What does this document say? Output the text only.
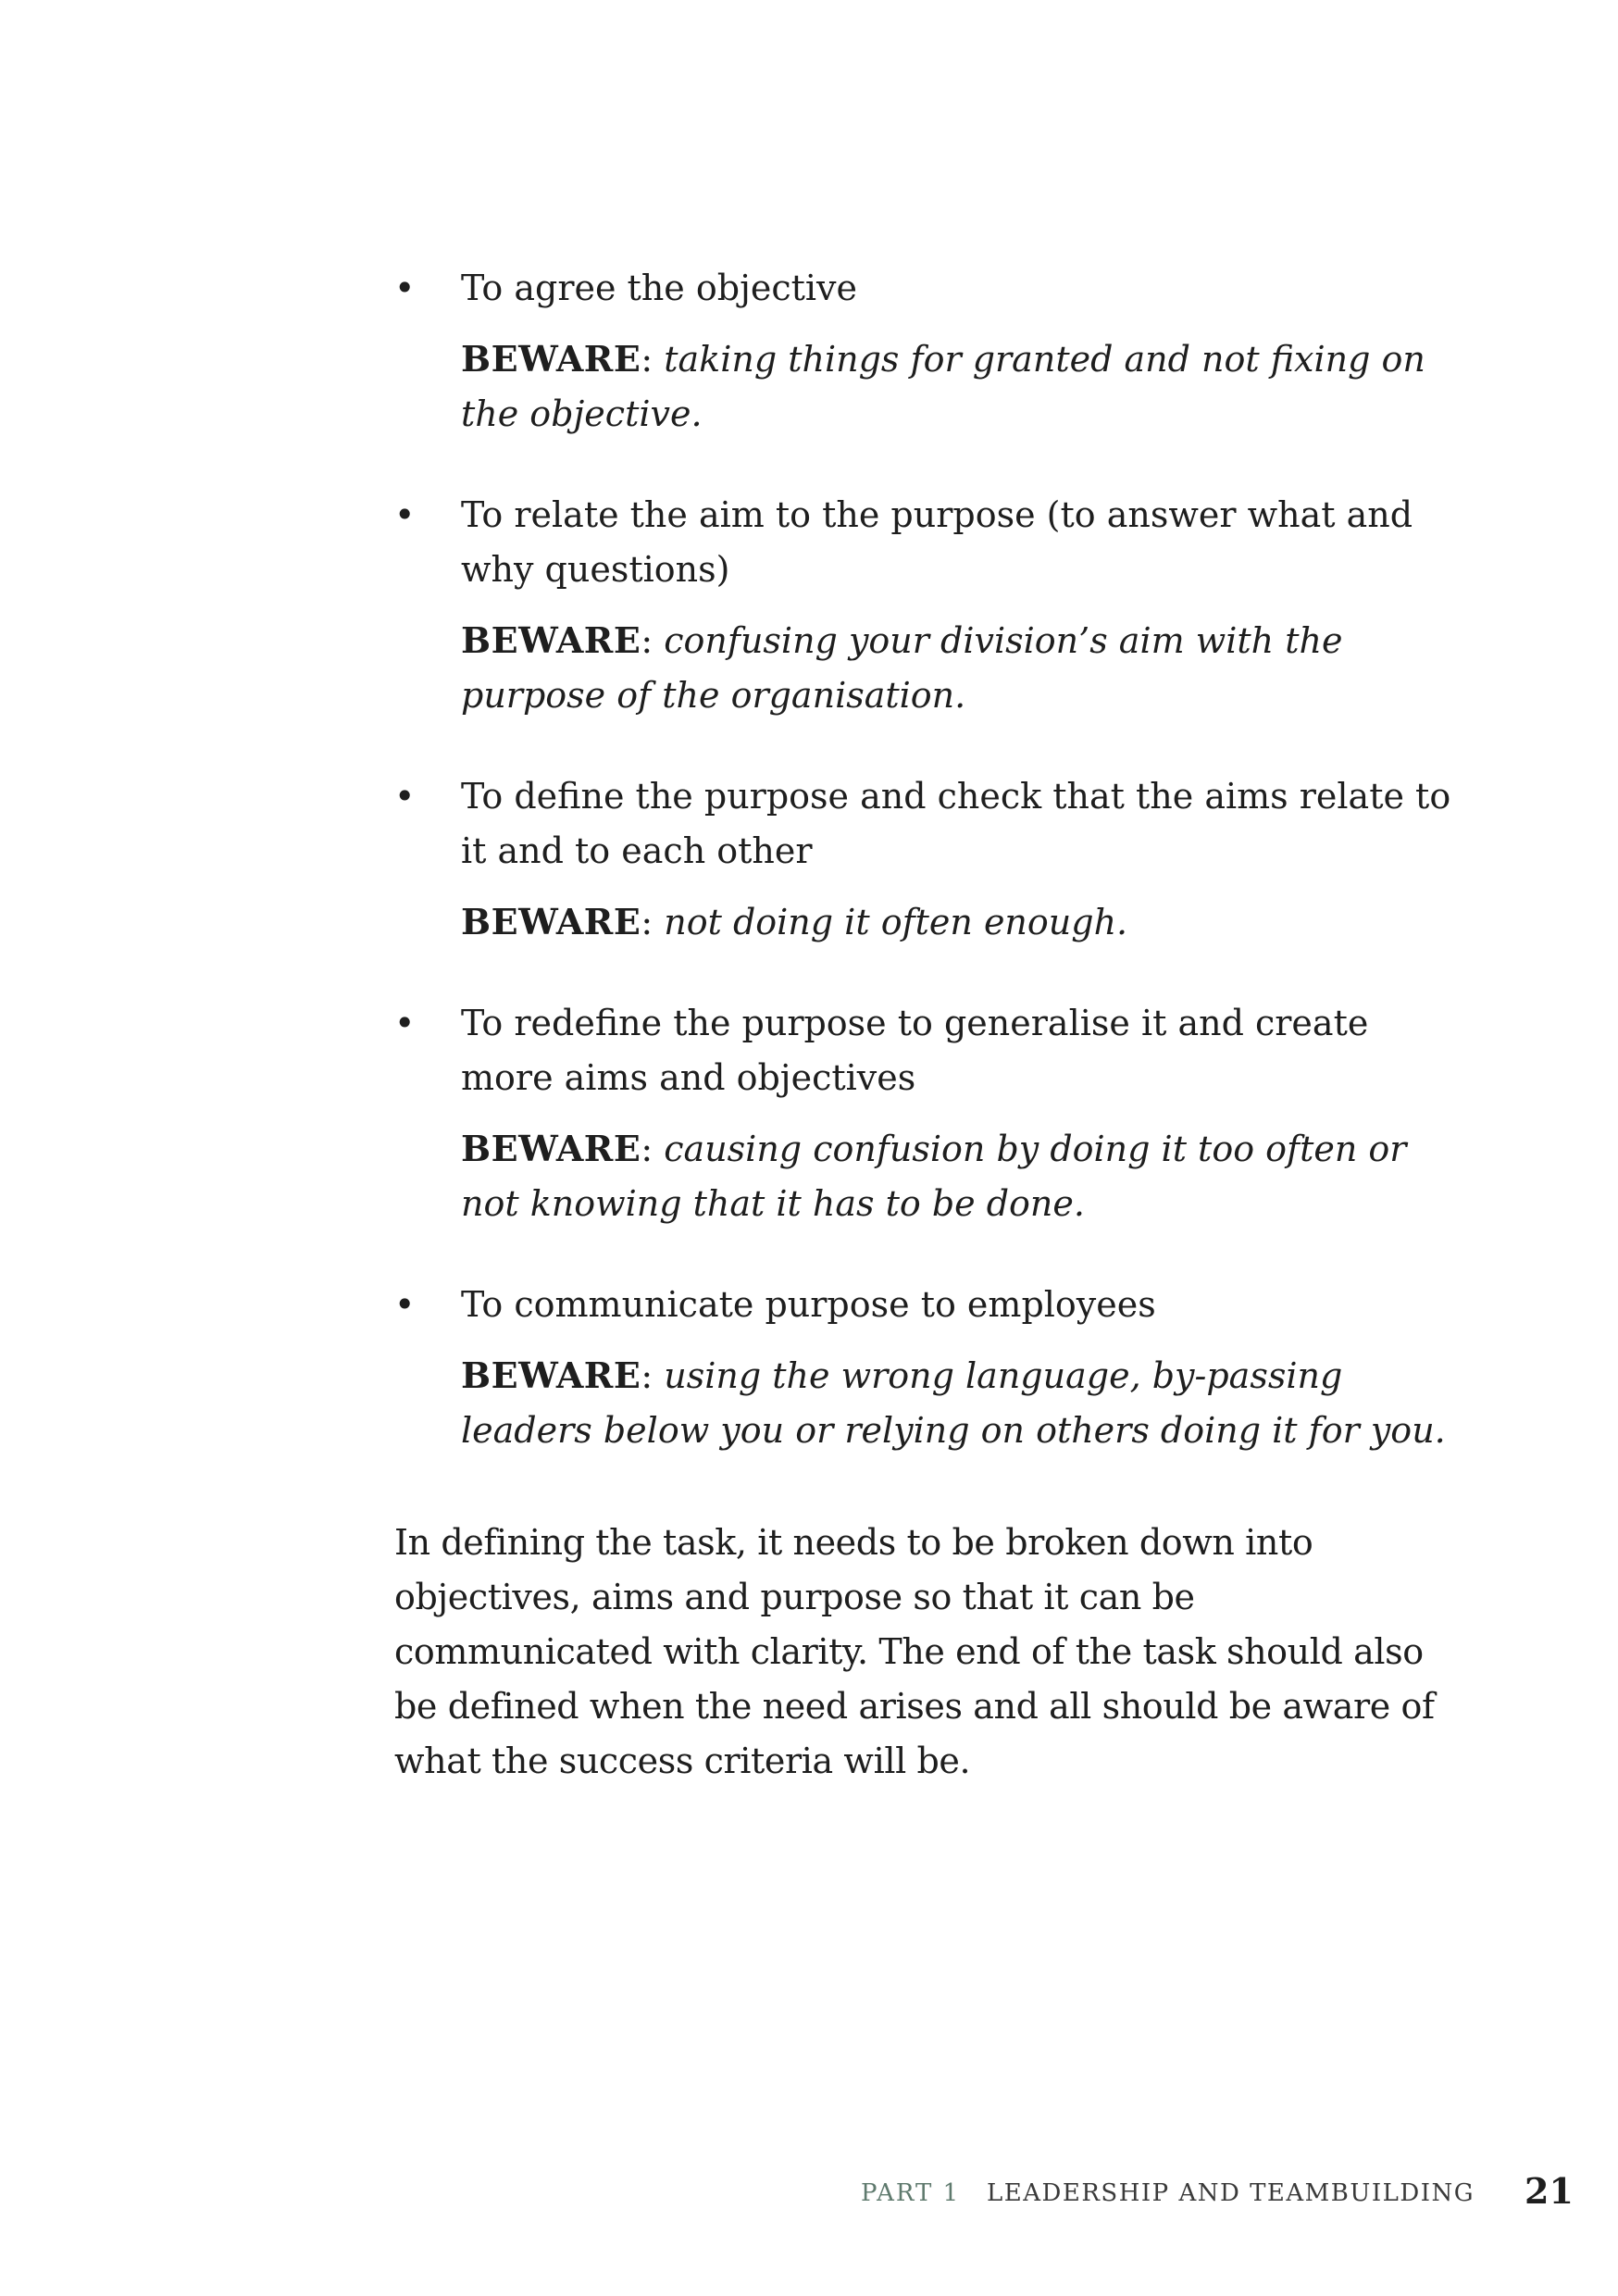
•	To agree the objective

BEWARE: taking things for granted and not fixing on the objective.

•	To relate the aim to the purpose (to answer what and why questions)

BEWARE: confusing your division’s aim with the purpose of the organisation.

•	To define the purpose and check that the aims relate to it and to each other

BEWARE: not doing it often enough.

•	To redefine the purpose to generalise it and create more aims and objectives

BEWARE: causing confusion by doing it too often or not knowing that it has to be done.

•	To communicate purpose to employees

BEWARE: using the wrong language, by-passing leaders below you or relying on others doing it for you.

In defining the task, it needs to be broken down into objectives, aims and purpose so that it can be communicated with clarity. The end of the task should also be defined when the need arises and all should be aware of what the success criteria will be.

PART 1 LEADERSHIP AND TEAMBUILDING 21
